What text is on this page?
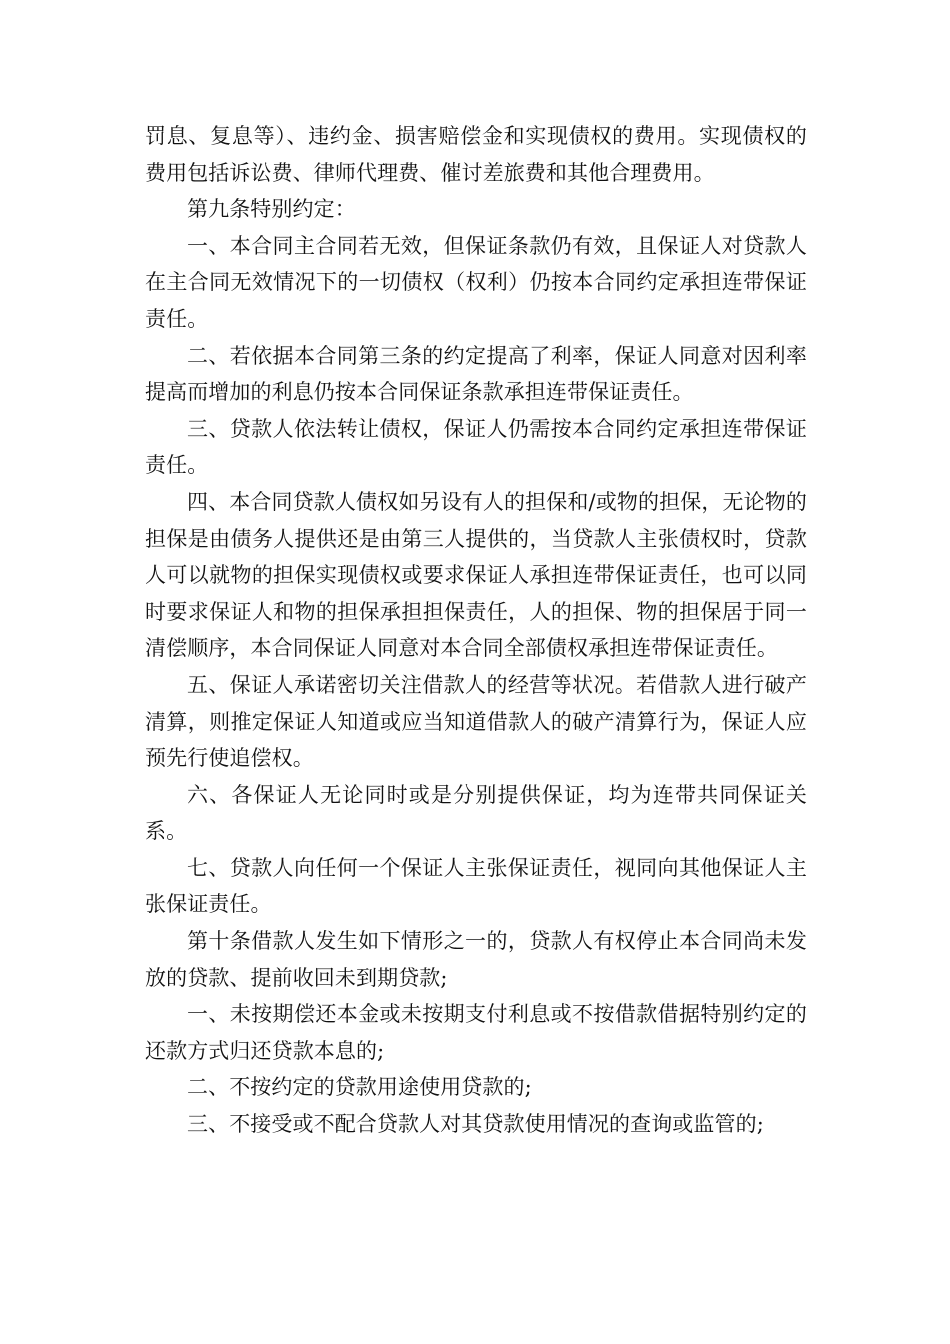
罚息、复息等）、违约金、损害赔偿金和实现债权的费用。实现债权的费用包括诉讼费、律师代理费、催讨差旅费和其他合理费用。

第九条特别约定：

一、本合同主合同若无效，但保证条款仍有效，且保证人对贷款人在主合同无效情况下的一切债权（权利）仍按本合同约定承担连带保证责任。

二、若依据本合同第三条的约定提高了利率，保证人同意对因利率提高而增加的利息仍按本合同保证条款承担连带保证责任。

三、贷款人依法转让债权，保证人仍需按本合同约定承担连带保证责任。

四、本合同贷款人债权如另设有人的担保和/或物的担保，无论物的担保是由债务人提供还是由第三人提供的，当贷款人主张债权时，贷款人可以就物的担保实现债权或要求保证人承担连带保证责任，也可以同时要求保证人和物的担保承担担保责任，人的担保、物的担保居于同一清偿顺序，本合同保证人同意对本合同全部债权承担连带保证责任。

五、保证人承诺密切关注借款人的经营等状况。若借款人进行破产清算，则推定保证人知道或应当知道借款人的破产清算行为，保证人应预先行使追偿权。

六、各保证人无论同时或是分别提供保证，均为连带共同保证关系。

七、贷款人向任何一个保证人主张保证责任，视同向其他保证人主张保证责任。

第十条借款人发生如下情形之一的，贷款人有权停止本合同尚未发放的贷款、提前收回未到期贷款;

一、未按期偿还本金或未按期支付利息或不按借款借据特别约定的还款方式归还贷款本息的;

二、不按约定的贷款用途使用贷款的;

三、不接受或不配合贷款人对其贷款使用情况的查询或监管的;
